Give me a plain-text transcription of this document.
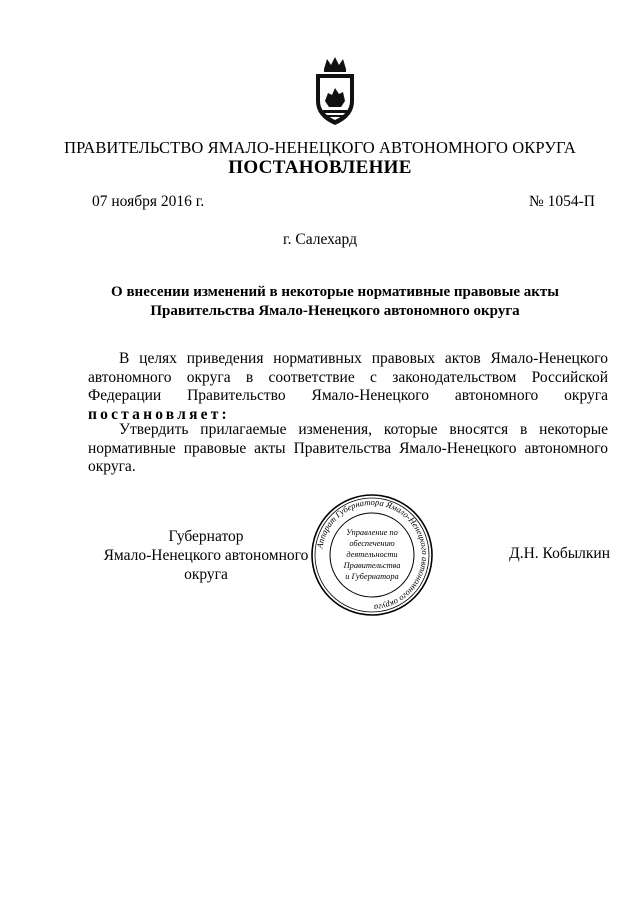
ПРАВИТЕЛЬСТВО ЯМАЛО-НЕНЕЦКОГО АВТОНОМНОГО ОКРУГА
ПОСТАНОВЛЕНИЕ
07 ноября 2016 г.	№ 1054-П
г. Салехард
О внесении изменений в некоторые нормативные правовые акты
Правительства Ямало-Ненецкого автономного округа

В целях приведения нормативных правовых актов Ямало-Ненецкого автономного округа в соответствие с законодательством Российской Федерации Правительство Ямало-Ненецкого автономного округа постановляет:

Утвердить прилагаемые изменения, которые вносятся в некоторые нормативные правовые акты Правительства Ямало-Ненецкого автономного округа.

Губернатор
Ямало-Ненецкого автономного округа
Аппарат Губернатора Ямало-Ненецкого автономного округа
Управление по
обеспечению
деятельности
Правительства
и Губернатора
Д.Н. Кобылкин
